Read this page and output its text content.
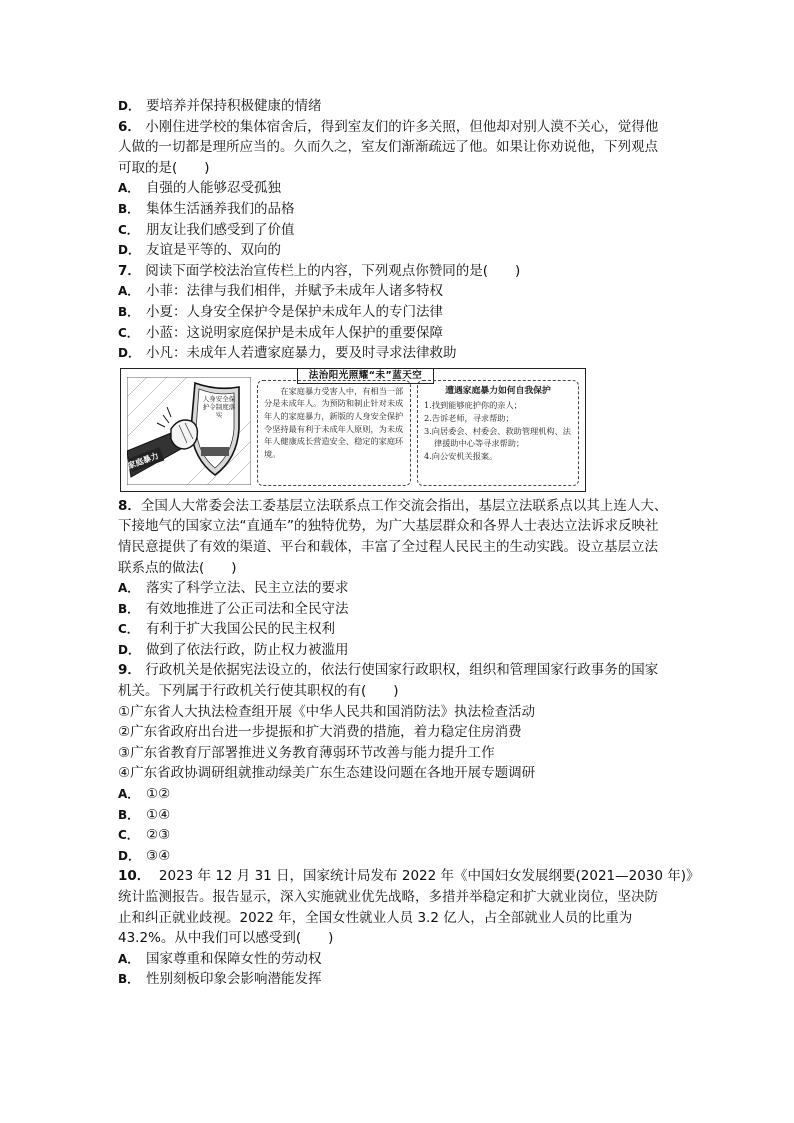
D． 要培养并保持积极健康的情绪
6． 小刚住进学校的集体宿舍后，得到室友们的许多关照，但他却对别人漠不关心，觉得他
人做的一切都是理所应当的。久而久之，室友们渐渐疏远了他。如果让你劝说他，下列观点
可取的是(　　)
A． 自强的人能够忍受孤独
B． 集体生活涵养我们的品格
C． 朋友让我们感受到了价值
D． 友谊是平等的、双向的
7． 阅读下面学校法治宣传栏上的内容，下列观点你赞同的是(　　)
A． 小菲：法律与我们相伴，并赋予未成年人诸多特权
B． 小夏：人身安全保护令是保护未成年人的专门法律
C． 小蓝：这说明家庭保护是未成年人保护的重要保障
D． 小凡：未成年人若遭家庭暴力，要及时寻求法律救助
法治阳光照耀“未”蓝天空
人身安全保护令制度落实
家庭暴力
在家庭暴力受害人中，有相当一部分是未成年人。为预防和制止针对未成年人的家庭暴力，新版的人身安全保护令坚持最有利于未成年人原则，为未成年人健康成长营造安全、稳定的家庭环境。
遭遇家庭暴力如何自我保护
1.找到能够庇护你的亲人；
2.告诉老师，寻求帮助；
3.向居委会、村委会、救助管理机构、法律援助中心等寻求帮助；
4.向公安机关报案。
8．全国人大常委会法工委基层立法联系点工作交流会指出，基层立法联系点以其上连人大、
下接地气的国家立法“直通车”的独特优势，为广大基层群众和各界人士表达立法诉求反映社
情民意提供了有效的渠道、平台和载体，丰富了全过程人民民主的生动实践。设立基层立法
联系点的做法(　　)
A． 落实了科学立法、民主立法的要求
B． 有效地推进了公正司法和全民守法
C． 有利于扩大我国公民的民主权利
D． 做到了依法行政，防止权力被滥用
9． 行政机关是依据宪法设立的，依法行使国家行政职权，组织和管理国家行政事务的国家
机关。下列属于行政机关行使其职权的有(　　)
①广东省人大执法检查组开展《中华人民共和国消防法》执法检查活动
②广东省政府出台进一步提振和扩大消费的措施，着力稳定住房消费
③广东省教育厅部署推进义务教育薄弱环节改善与能力提升工作
④广东省政协调研组就推动绿美广东生态建设问题在各地开展专题调研
A． ①②
B． ①④
C． ②③
D． ③④
10． 2023 年 12 月 31 日，国家统计局发布 2022 年《中国妇女发展纲要(2021—2030 年)》
统计监测报告。报告显示，深入实施就业优先战略，多措并举稳定和扩大就业岗位，坚决防
止和纠正就业歧视。2022 年，全国女性就业人员 3.2 亿人，占全部就业人员的比重为
43.2%。从中我们可以感受到(　　)
A． 国家尊重和保障女性的劳动权
B． 性别刻板印象会影响潜能发挥
